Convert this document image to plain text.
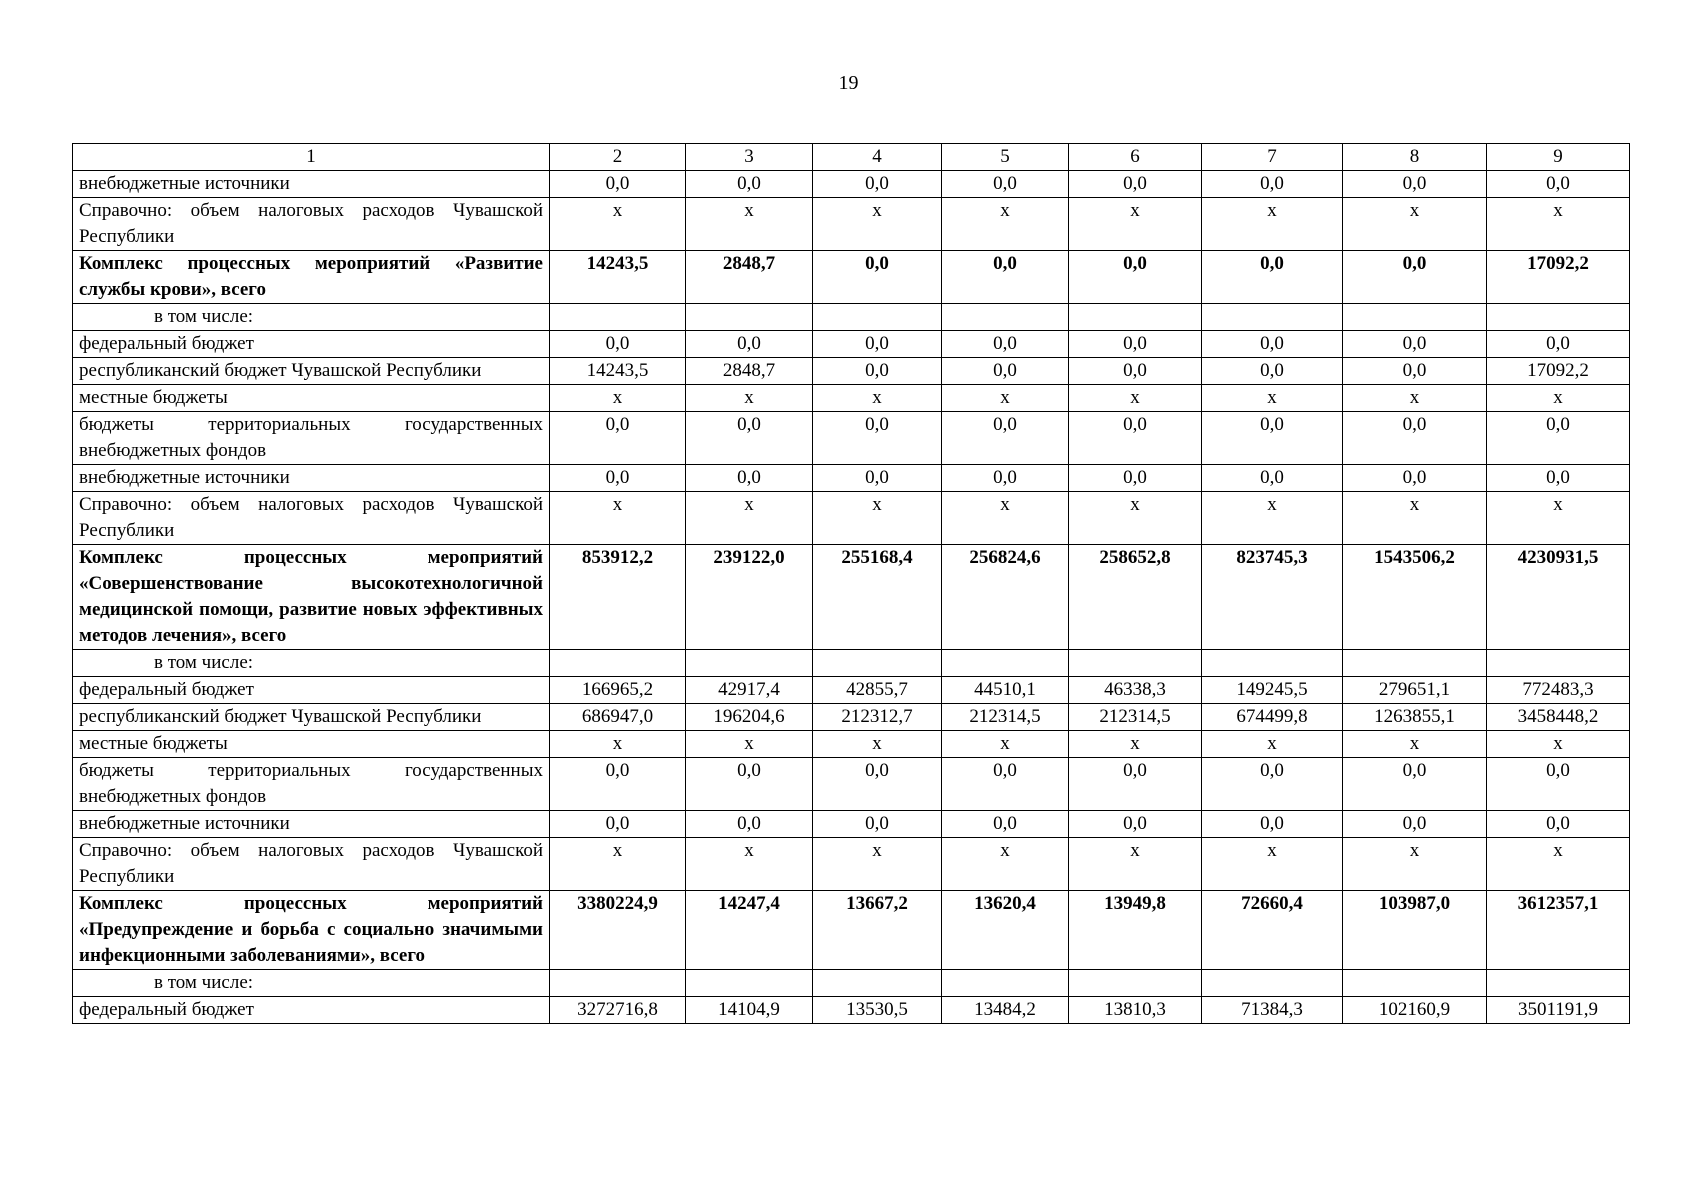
19
1	2	3	4	5	6	7	8	9
внебюджетные источники	0,0	0,0	0,0	0,0	0,0	0,0	0,0	0,0
Справочно: объем налоговых расходов Чувашской Республики	x	x	x	x	x	x	x	x
Комплекс процессных мероприятий «Развитие службы крови», всего	14243,5	2848,7	0,0	0,0	0,0	0,0	0,0	17092,2
в том числе:								
федеральный бюджет	0,0	0,0	0,0	0,0	0,0	0,0	0,0	0,0
республиканский бюджет Чувашской Республики	14243,5	2848,7	0,0	0,0	0,0	0,0	0,0	17092,2
местные бюджеты	x	x	x	x	x	x	x	x
бюджеты территориальных государственных внебюджетных фондов	0,0	0,0	0,0	0,0	0,0	0,0	0,0	0,0
внебюджетные источники	0,0	0,0	0,0	0,0	0,0	0,0	0,0	0,0
Справочно: объем налоговых расходов Чувашской Республики	x	x	x	x	x	x	x	x
Комплекс процессных мероприятий «Совершенствование высокотехнологичной медицинской помощи, развитие новых эффективных методов лечения», всего	853912,2	239122,0	255168,4	256824,6	258652,8	823745,3	1543506,2	4230931,5
в том числе:								
федеральный бюджет	166965,2	42917,4	42855,7	44510,1	46338,3	149245,5	279651,1	772483,3
республиканский бюджет Чувашской Республики	686947,0	196204,6	212312,7	212314,5	212314,5	674499,8	1263855,1	3458448,2
местные бюджеты	x	x	x	x	x	x	x	x
бюджеты территориальных государственных внебюджетных фондов	0,0	0,0	0,0	0,0	0,0	0,0	0,0	0,0
внебюджетные источники	0,0	0,0	0,0	0,0	0,0	0,0	0,0	0,0
Справочно: объем налоговых расходов Чувашской Республики	x	x	x	x	x	x	x	x
Комплекс процессных мероприятий «Предупреждение и борьба с социально значимыми инфекционными заболеваниями», всего	3380224,9	14247,4	13667,2	13620,4	13949,8	72660,4	103987,0	3612357,1
в том числе:								
федеральный бюджет	3272716,8	14104,9	13530,5	13484,2	13810,3	71384,3	102160,9	3501191,9
